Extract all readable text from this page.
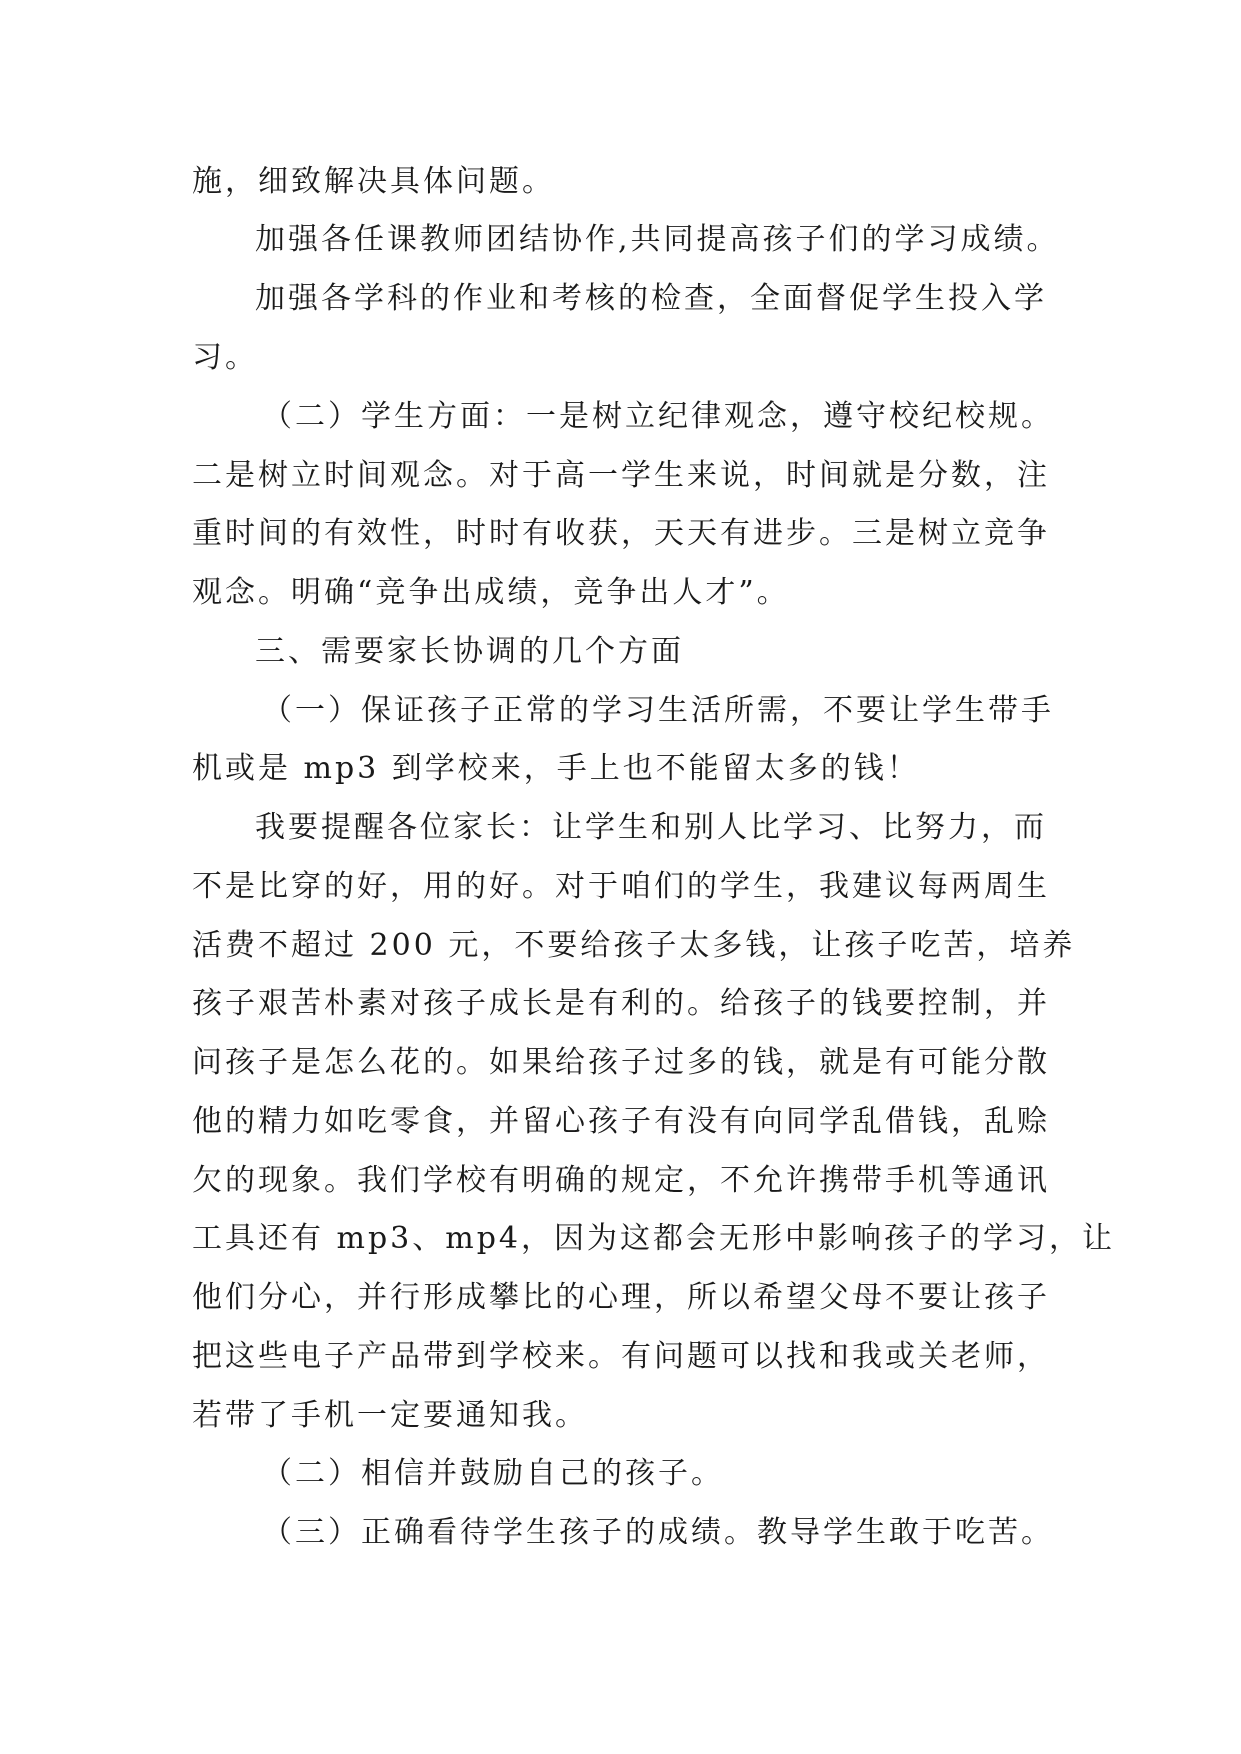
施，细致解决具体问题。
加强各任课教师团结协作,共同提高孩子们的学习成绩。
加强各学科的作业和考核的检查，全面督促学生投入学
习。
（二）学生方面：一是树立纪律观念，遵守校纪校规。
二是树立时间观念。对于高一学生来说，时间就是分数，注
重时间的有效性，时时有收获，天天有进步。三是树立竞争
观念。明确“竞争出成绩，竞争出人才”。
三、需要家长协调的几个方面
（一）保证孩子正常的学习生活所需，不要让学生带手
机或是 mp3 到学校来，手上也不能留太多的钱！
我要提醒各位家长：让学生和别人比学习、比努力，而
不是比穿的好，用的好。对于咱们的学生，我建议每两周生
活费不超过 200 元，不要给孩子太多钱，让孩子吃苦，培养
孩子艰苦朴素对孩子成长是有利的。给孩子的钱要控制，并
问孩子是怎么花的。如果给孩子过多的钱，就是有可能分散
他的精力如吃零食，并留心孩子有没有向同学乱借钱，乱赊
欠的现象。我们学校有明确的规定，不允许携带手机等通讯
工具还有 mp3、mp4，因为这都会无形中影响孩子的学习，让
他们分心，并行形成攀比的心理，所以希望父母不要让孩子
把这些电子产品带到学校来。有问题可以找和我或关老师，
若带了手机一定要通知我。
（二）相信并鼓励自己的孩子。
（三）正确看待学生孩子的成绩。教导学生敢于吃苦。
